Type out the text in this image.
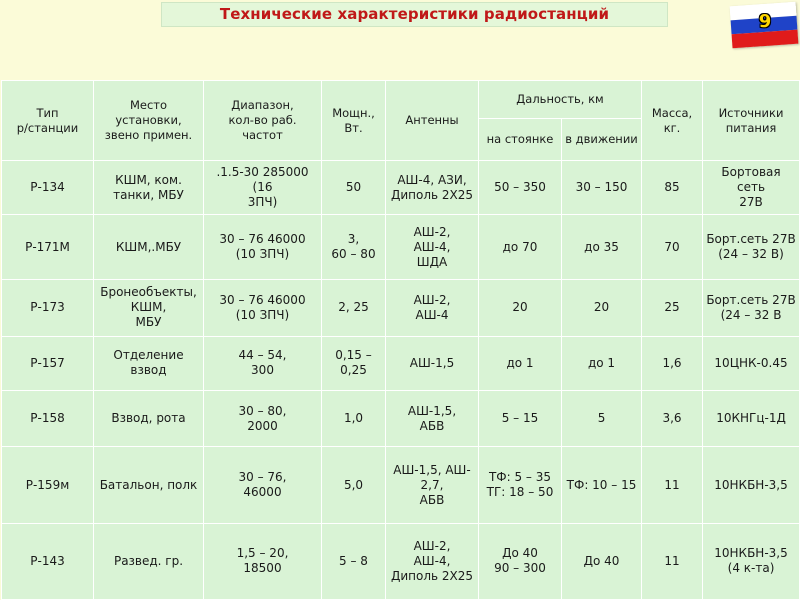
Технические характеристики радиостанций	9
Тип
р/станции	Место
установки,
звено примен.	Диапазон,
кол-во раб.
частот	Мощн.,
Вт.	Антенны	Дальность, км		Масса,
кг.	Источники
питания

					на стоянке	в движении		

Р-134	КШМ, ком.
танки, МБУ	.1.5-30 285000 (16
3ПЧ)	50	АШ-4, АЗИ,
Диполь 2Х25	50 – 350	30 – 150	85	Бортовая сеть
27В

Р-171М	КШМ,.МБУ	30 – 76 46000
(10 ЗПЧ)	3,
60 – 80	АШ-2,
АШ-4,
ШДА	до 70	до 35	70	Борт.сеть 27В
(24 – 32 В)

Р-173	Бронеобъекты,
КШМ,
МБУ	30 – 76 46000
(10 ЗПЧ)	2, 25	АШ-2,
АШ-4	20	20	25	Борт.сеть 27В
(24 – 32 В

Р-157	Отделение
взвод	44 – 54,
300	0,15 –
0,25	АШ-1,5	до 1	до 1	1,6	10ЦНК-0.45

Р-158	Взвод, рота	30 – 80,
2000	1,0	АШ-1,5,
АБВ	5 – 15	5	3,6	10КНГц-1Д

Р-159м	Батальон, полк	30 – 76,
46000	5,0	АШ-1,5, АШ-
2,7,
АБВ	ТФ: 5 – 35
ТГ: 18 – 50	ТФ: 10 – 15	11	10НКБН-3,5

Р-143	Развед. гр.	1,5 – 20,
18500	5 – 8	АШ-2,
АШ-4,
Диполь 2Х25	До 40
90 – 300	До 40	11	10НКБН-3,5
(4 к-та)
